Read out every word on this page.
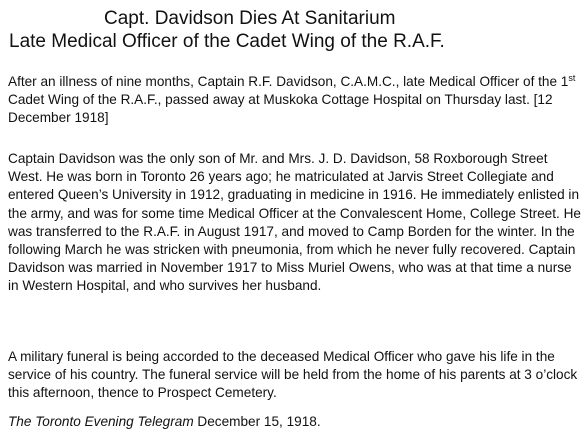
Capt. Davidson Dies At Sanitarium
Late Medical Officer of the Cadet Wing of the R.A.F.

After an illness of nine months, Captain R.F. Davidson, C.A.M.C., late Medical Officer of the 1st Cadet Wing of the R.A.F., passed away at Muskoka Cottage Hospital on Thursday last. [12 December 1918]

Captain Davidson was the only son of Mr. and Mrs. J. D. Davidson, 58 Roxborough Street West. He was born in Toronto 26 years ago; he matriculated at Jarvis Street Collegiate and entered Queen’s University in 1912, graduating in medicine in 1916. He immediately enlisted in the army, and was for some time Medical Officer at the Convalescent Home, College Street. He was transferred to the R.A.F. in August 1917, and moved to Camp Borden for the winter. In the following March he was stricken with pneumonia, from which he never fully recovered. Captain Davidson was married in November 1917 to Miss Muriel Owens, who was at that time a nurse in Western Hospital, and who survives her husband.

A military funeral is being accorded to the deceased Medical Officer who gave his life in the service of his country. The funeral service will be held from the home of his parents at 3 o’clock this afternoon, thence to Prospect Cemetery.

The Toronto Evening Telegram December 15, 1918.
